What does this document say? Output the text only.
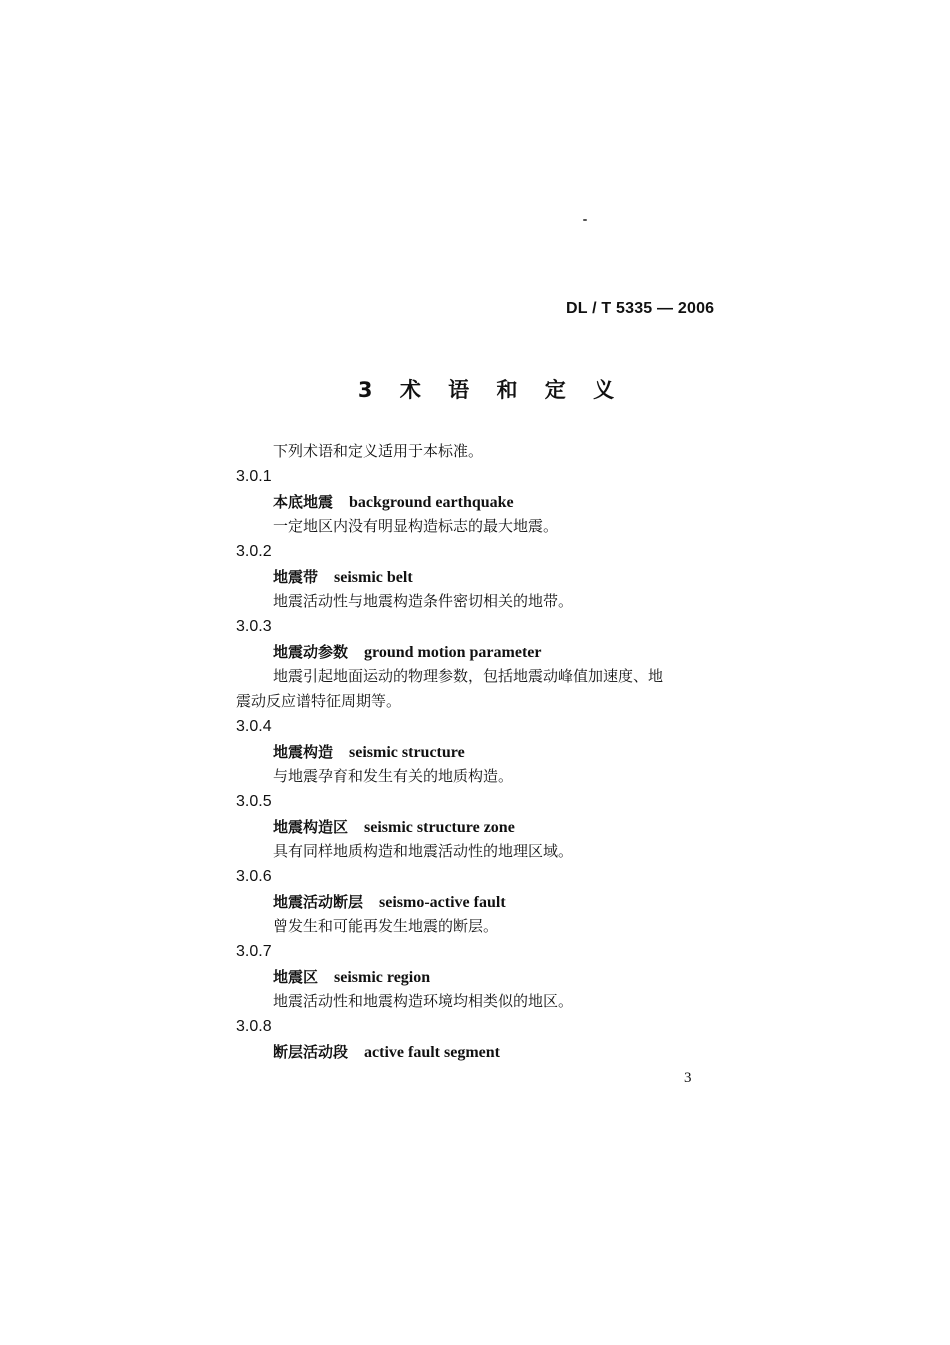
DL / T 5335 — 2006
3 术 语 和 定 义
下列术语和定义适用于本标准。
3.0.1
本底地震 background earthquake
一定地区内没有明显构造标志的最大地震。
3.0.2
地震带 seismic belt
地震活动性与地震构造条件密切相关的地带。
3.0.3
地震动参数 ground motion parameter
地震引起地面运动的物理参数，包括地震动峰值加速度、地
震动反应谱特征周期等。
3.0.4
地震构造 seismic structure
与地震孕育和发生有关的地质构造。
3.0.5
地震构造区 seismic structure zone
具有同样地质构造和地震活动性的地理区域。
3.0.6
地震活动断层 seismo-active fault
曾发生和可能再发生地震的断层。
3.0.7
地震区 seismic region
地震活动性和地震构造环境均相类似的地区。
3.0.8
断层活动段 active fault segment
3
